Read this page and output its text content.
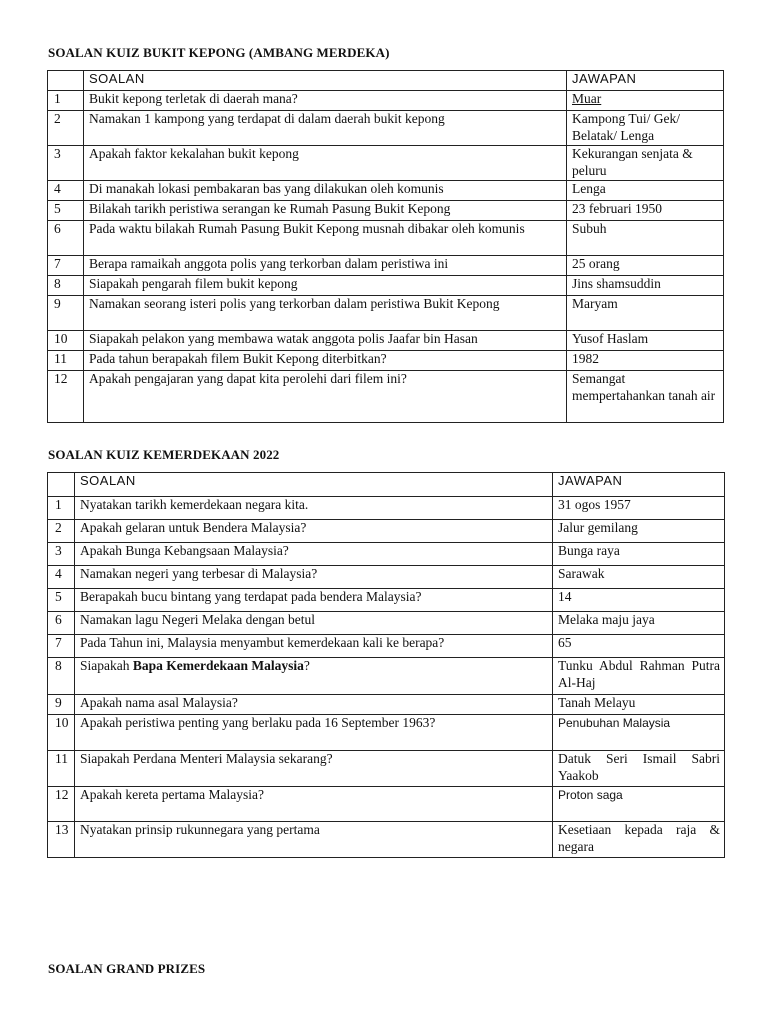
SOALAN KUIZ BUKIT KEPONG (AMBANG MERDEKA)
	SOALAN	JAWAPAN
1	Bukit kepong terletak di daerah mana?	Muar
2	Namakan 1 kampong yang terdapat di dalam daerah bukit kepong	Kampong Tui/ Gek/ Belatak/ Lenga
3	Apakah faktor kekalahan bukit kepong	Kekurangan senjata & peluru
4	Di manakah lokasi pembakaran bas yang dilakukan oleh komunis	Lenga
5	Bilakah tarikh peristiwa serangan ke Rumah Pasung Bukit Kepong	23 februari 1950
6	Pada waktu bilakah Rumah Pasung Bukit Kepong musnah dibakar oleh komunis	Subuh
7	Berapa ramaikah anggota polis yang terkorban dalam peristiwa ini	25 orang
8	Siapakah pengarah filem bukit kepong	Jins shamsuddin
9	Namakan seorang isteri polis yang terkorban dalam peristiwa Bukit Kepong	Maryam
10	Siapakah pelakon yang membawa watak anggota polis Jaafar bin Hasan	Yusof Haslam
11	Pada tahun berapakah filem Bukit Kepong diterbitkan?	1982
12	Apakah pengajaran yang dapat kita perolehi dari filem ini?	Semangat mempertahankan tanah air
SOALAN KUIZ KEMERDEKAAN 2022
	SOALAN	JAWAPAN
1	Nyatakan tarikh kemerdekaan negara kita.	31 ogos 1957
2	Apakah gelaran untuk Bendera Malaysia?	Jalur gemilang
3	Apakah Bunga Kebangsaan Malaysia?	Bunga raya
4	Namakan negeri yang terbesar di Malaysia?	Sarawak
5	Berapakah bucu bintang yang terdapat pada bendera Malaysia?	14
6	Namakan lagu Negeri Melaka dengan betul	Melaka maju jaya
7	Pada Tahun ini, Malaysia menyambut kemerdekaan kali ke berapa?	65
8	Siapakah Bapa Kemerdekaan Malaysia?	Tunku Abdul Rahman Putra Al-Haj
9	Apakah nama asal Malaysia?	Tanah Melayu
10	Apakah peristiwa penting yang berlaku pada 16 September 1963?	Penubuhan Malaysia
11	Siapakah Perdana Menteri Malaysia sekarang?	Datuk Seri Ismail Sabri Yaakob
12	Apakah kereta pertama Malaysia?	Proton saga
13	Nyatakan prinsip rukunnegara yang pertama	Kesetiaan kepada raja & negara
SOALAN GRAND PRIZES
